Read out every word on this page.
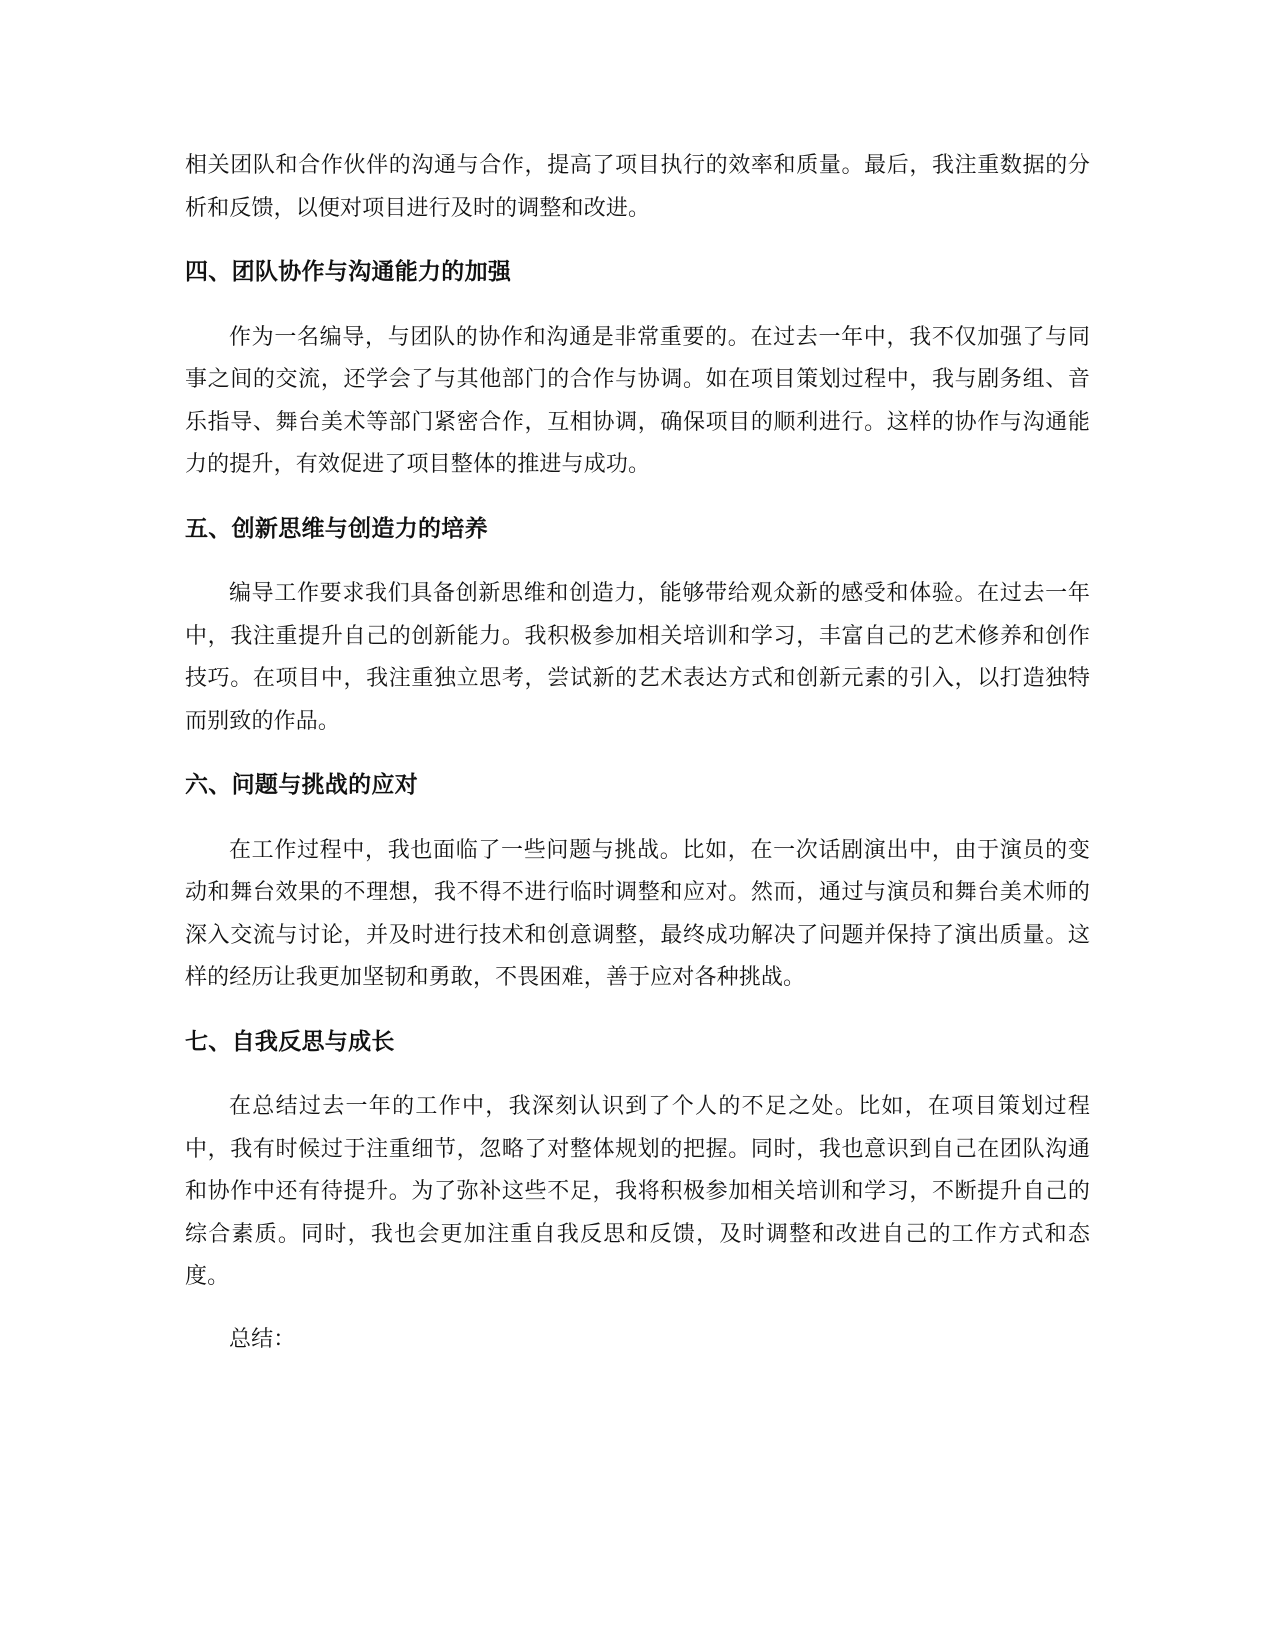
相关团队和合作伙伴的沟通与合作，提高了项目执行的效率和质量。最后，我注重数据的分析和反馈，以便对项目进行及时的调整和改进。

四、团队协作与沟通能力的加强

作为一名编导，与团队的协作和沟通是非常重要的。在过去一年中，我不仅加强了与同事之间的交流，还学会了与其他部门的合作与协调。如在项目策划过程中，我与剧务组、音乐指导、舞台美术等部门紧密合作，互相协调，确保项目的顺利进行。这样的协作与沟通能力的提升，有效促进了项目整体的推进与成功。

五、创新思维与创造力的培养

编导工作要求我们具备创新思维和创造力，能够带给观众新的感受和体验。在过去一年中，我注重提升自己的创新能力。我积极参加相关培训和学习，丰富自己的艺术修养和创作技巧。在项目中，我注重独立思考，尝试新的艺术表达方式和创新元素的引入，以打造独特而别致的作品。

六、问题与挑战的应对

在工作过程中，我也面临了一些问题与挑战。比如，在一次话剧演出中，由于演员的变动和舞台效果的不理想，我不得不进行临时调整和应对。然而，通过与演员和舞台美术师的深入交流与讨论，并及时进行技术和创意调整，最终成功解决了问题并保持了演出质量。这样的经历让我更加坚韧和勇敢，不畏困难，善于应对各种挑战。

七、自我反思与成长

在总结过去一年的工作中，我深刻认识到了个人的不足之处。比如，在项目策划过程中，我有时候过于注重细节，忽略了对整体规划的把握。同时，我也意识到自己在团队沟通和协作中还有待提升。为了弥补这些不足，我将积极参加相关培训和学习，不断提升自己的综合素质。同时，我也会更加注重自我反思和反馈，及时调整和改进自己的工作方式和态度。

总结：
